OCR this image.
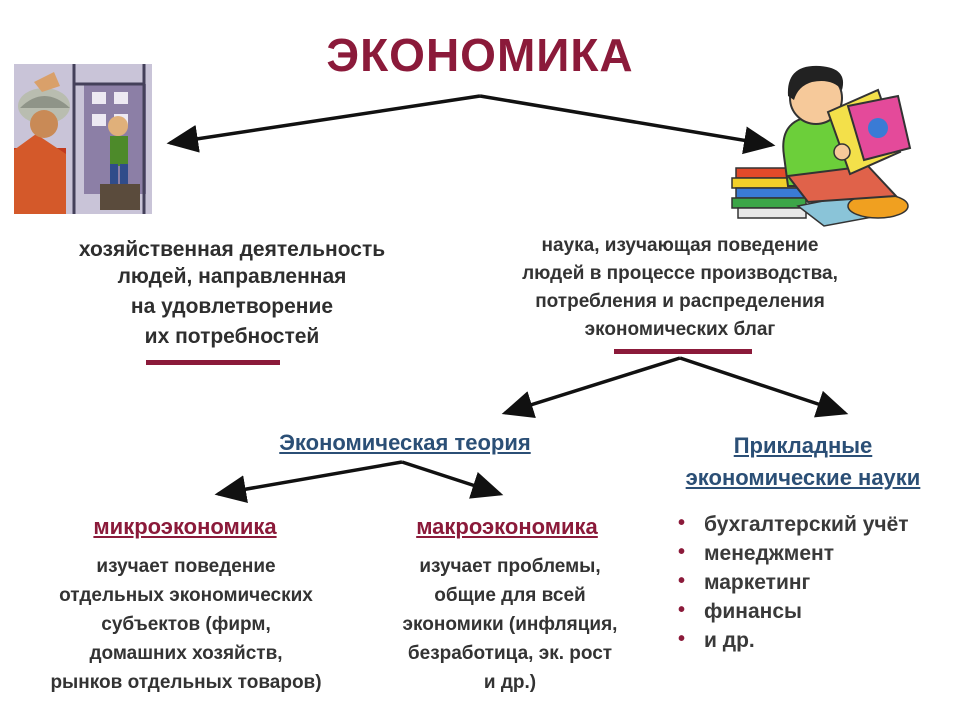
ЭКОНОМИКА
хозяйственная деятельность
людей, направленная
на удовлетворение
их потребностей
наука, изучающая поведение
людей в процессе производства,
потребления и распределения
экономических благ
Экономическая теория	Прикладные
экономические науки
микроэкономика
изучает поведение
отдельных экономических
субъектов (фирм,
домашних хозяйств,
рынков отдельных товаров)
макроэкономика
изучает проблемы,
общие для всей
экономики (инфляция,
безработица, эк. рост
и др.)
• бухгалтерский учёт
• менеджмент
• маркетинг
• финансы
• и др.
